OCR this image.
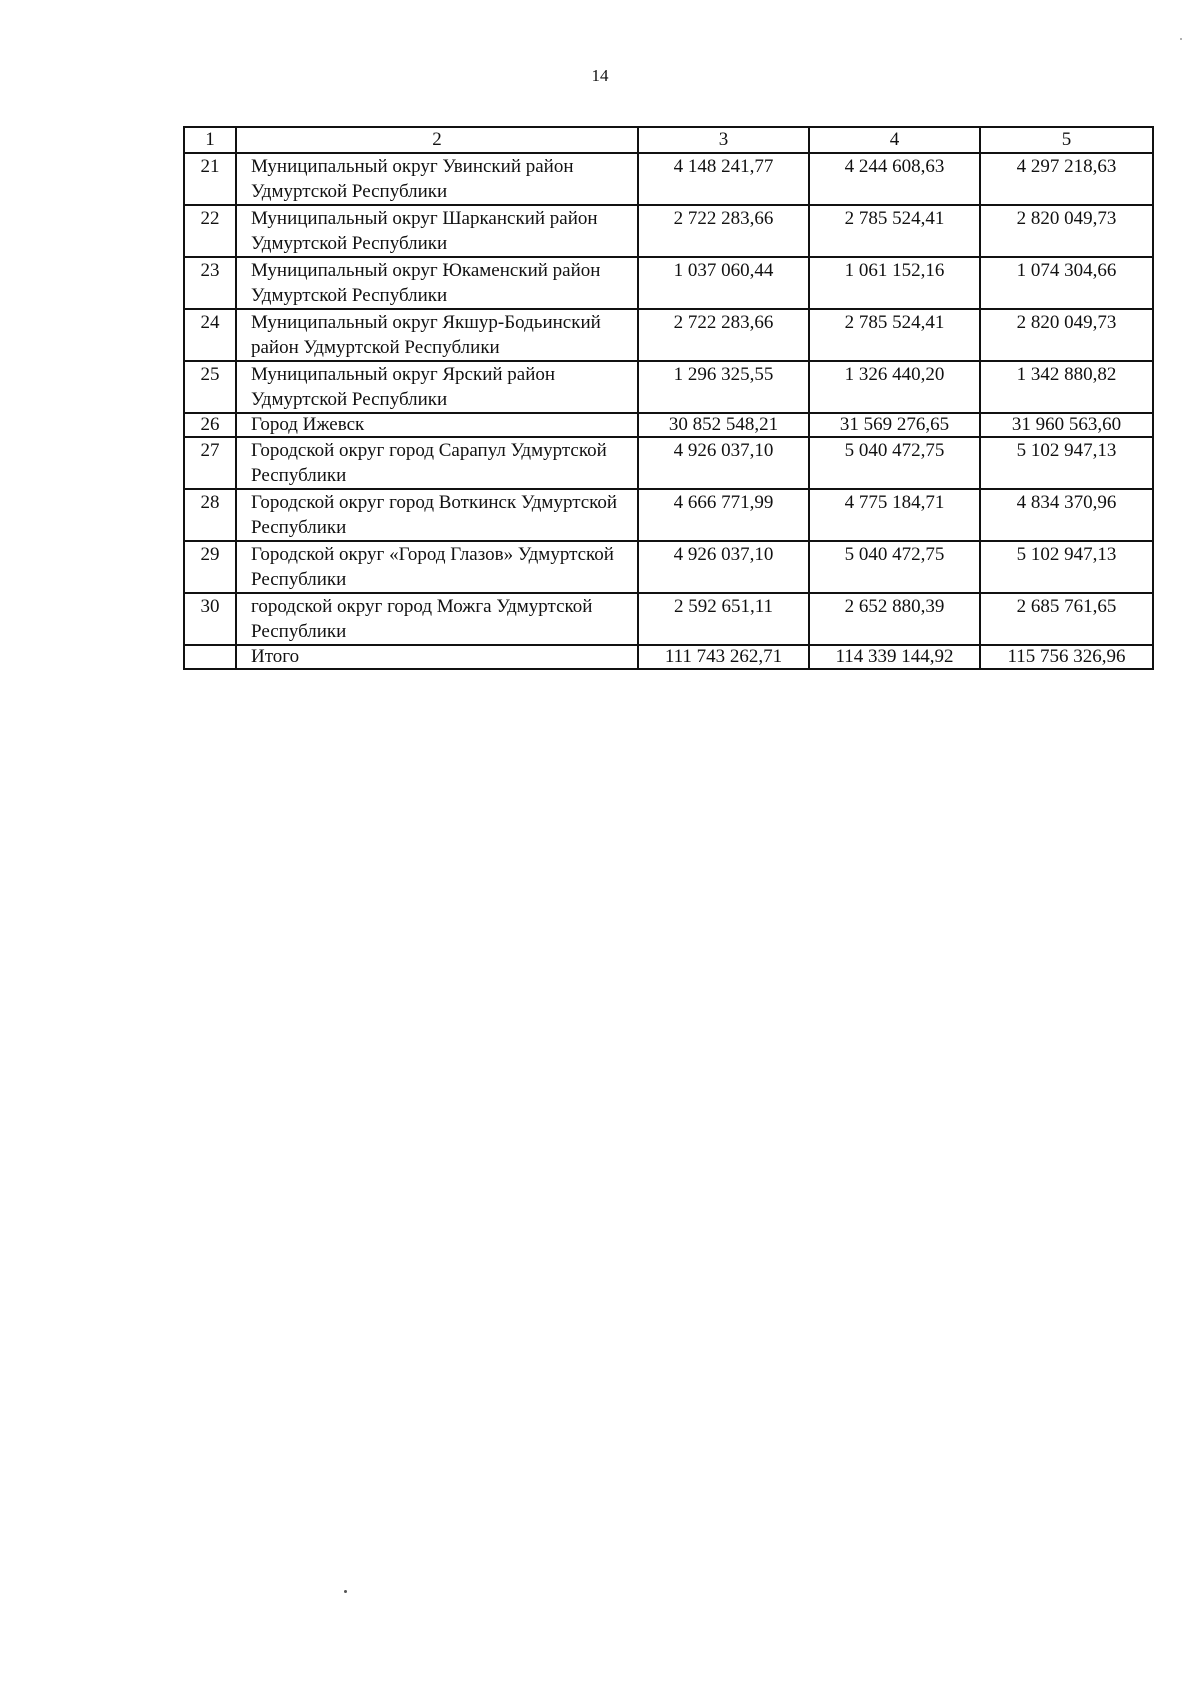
14
1	2	3	4	5
21	Муниципальный округ Увинский район Удмуртской Республики	4 148 241,77	4 244 608,63	4 297 218,63
22	Муниципальный округ Шарканский район Удмуртской Республики	2 722 283,66	2 785 524,41	2 820 049,73
23	Муниципальный округ Юкаменский район Удмуртской Республики	1 037 060,44	1 061 152,16	1 074 304,66
24	Муниципальный округ Якшур-Бодьинский район Удмуртской Республики	2 722 283,66	2 785 524,41	2 820 049,73
25	Муниципальный округ Ярский район Удмуртской Республики	1 296 325,55	1 326 440,20	1 342 880,82
26	Город Ижевск	30 852 548,21	31 569 276,65	31 960 563,60
27	Городской округ город Сарапул Удмуртской Республики	4 926 037,10	5 040 472,75	5 102 947,13
28	Городской округ город Воткинск Удмуртской Республики	4 666 771,99	4 775 184,71	4 834 370,96
29	Городской округ «Город Глазов» Удмуртской Республики	4 926 037,10	5 040 472,75	5 102 947,13
30	городской округ город Можга Удмуртской Республики	2 592 651,11	2 652 880,39	2 685 761,65
	Итого	111 743 262,71	114 339 144,92	115 756 326,96
